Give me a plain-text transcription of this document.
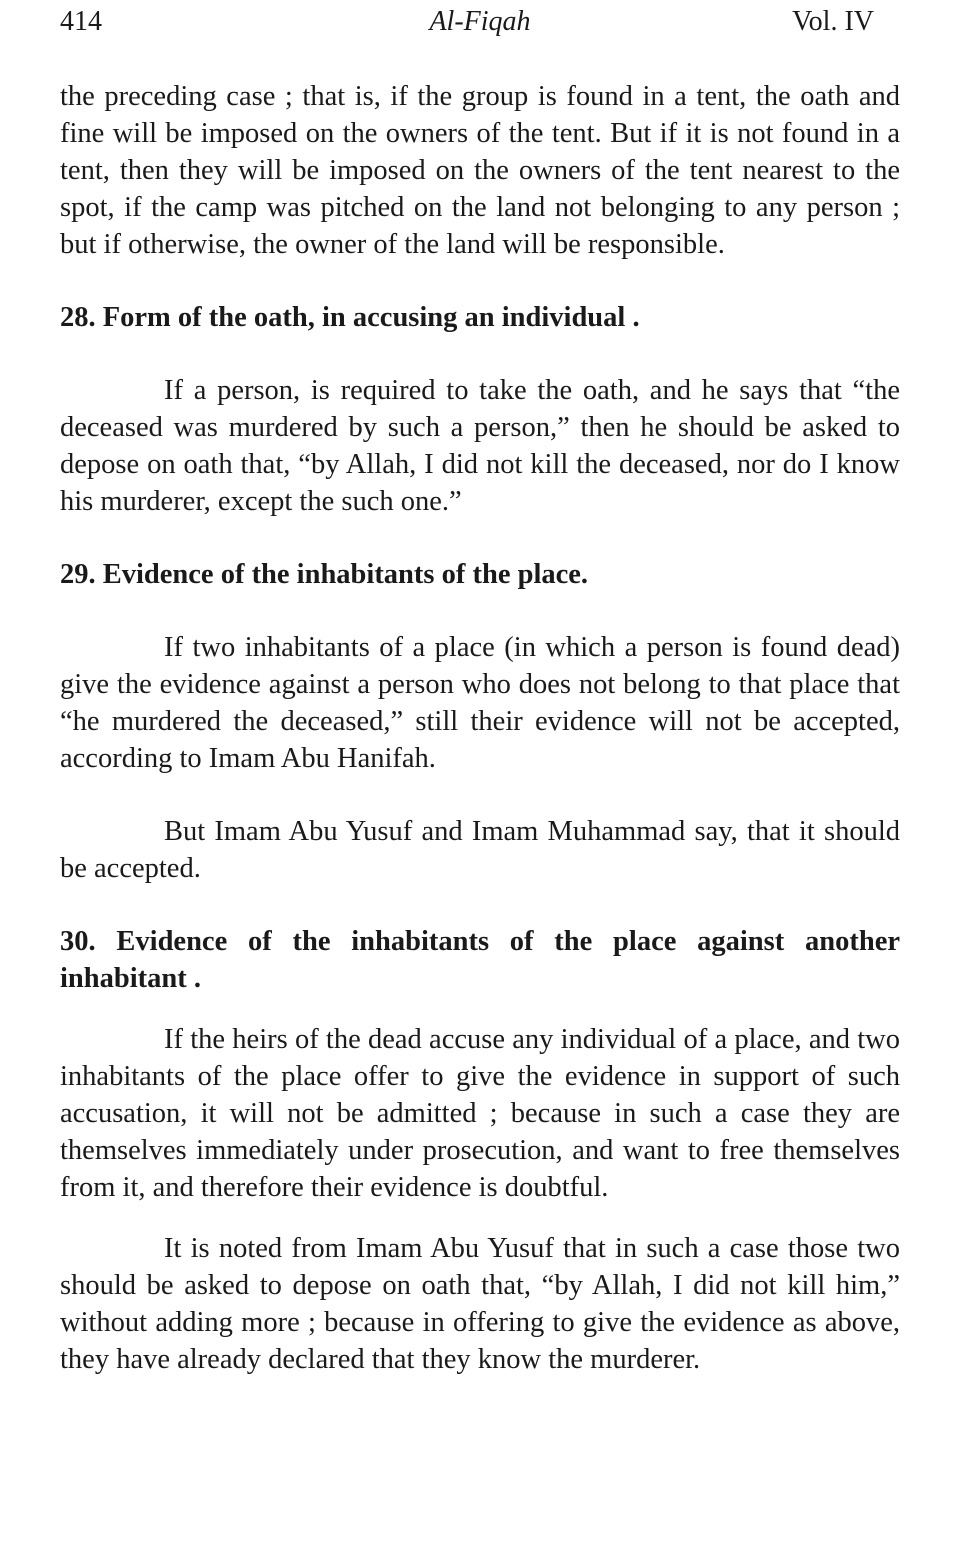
414	Al-Fiqah	Vol. IV

the preceding case ; that is, if the group is found in a tent, the oath and fine will be imposed on the owners of the tent. But if it is not found in a tent, then they will be imposed on the owners of the tent nearest to the spot, if the camp was pitched on the land not belonging to any person ; but if otherwise, the owner of the land will be responsible.

28. Form of the oath, in accusing an individual .

If a person, is required to take the oath, and he says that “the deceased was murdered by such a person,” then he should be asked to depose on oath that, “by Allah, I did not kill the deceased, nor do I know his murderer, except the such one.”

29. Evidence of the inhabitants of the place.

If two inhabitants of a place (in which a person is found dead) give the evidence against a person who does not belong to that place that “he murdered the deceased,” still their evidence will not be accepted, according to Imam Abu Hanifah.

But Imam Abu Yusuf and Imam Muhammad say, that it should be accepted.

30. Evidence of the inhabitants of the place against another inhabitant .

If the heirs of the dead accuse any individual of a place, and two inhabitants of the place offer to give the evidence in support of such accusation, it will not be admitted ; because in such a case they are themselves immediately under prosecution, and want to free themselves from it, and therefore their evidence is doubtful.

It is noted from Imam Abu Yusuf that in such a case those two should be asked to depose on oath that, “by Allah, I did not kill him,” without adding more ; because in offering to give the evidence as above, they have already declared that they know the murderer.
